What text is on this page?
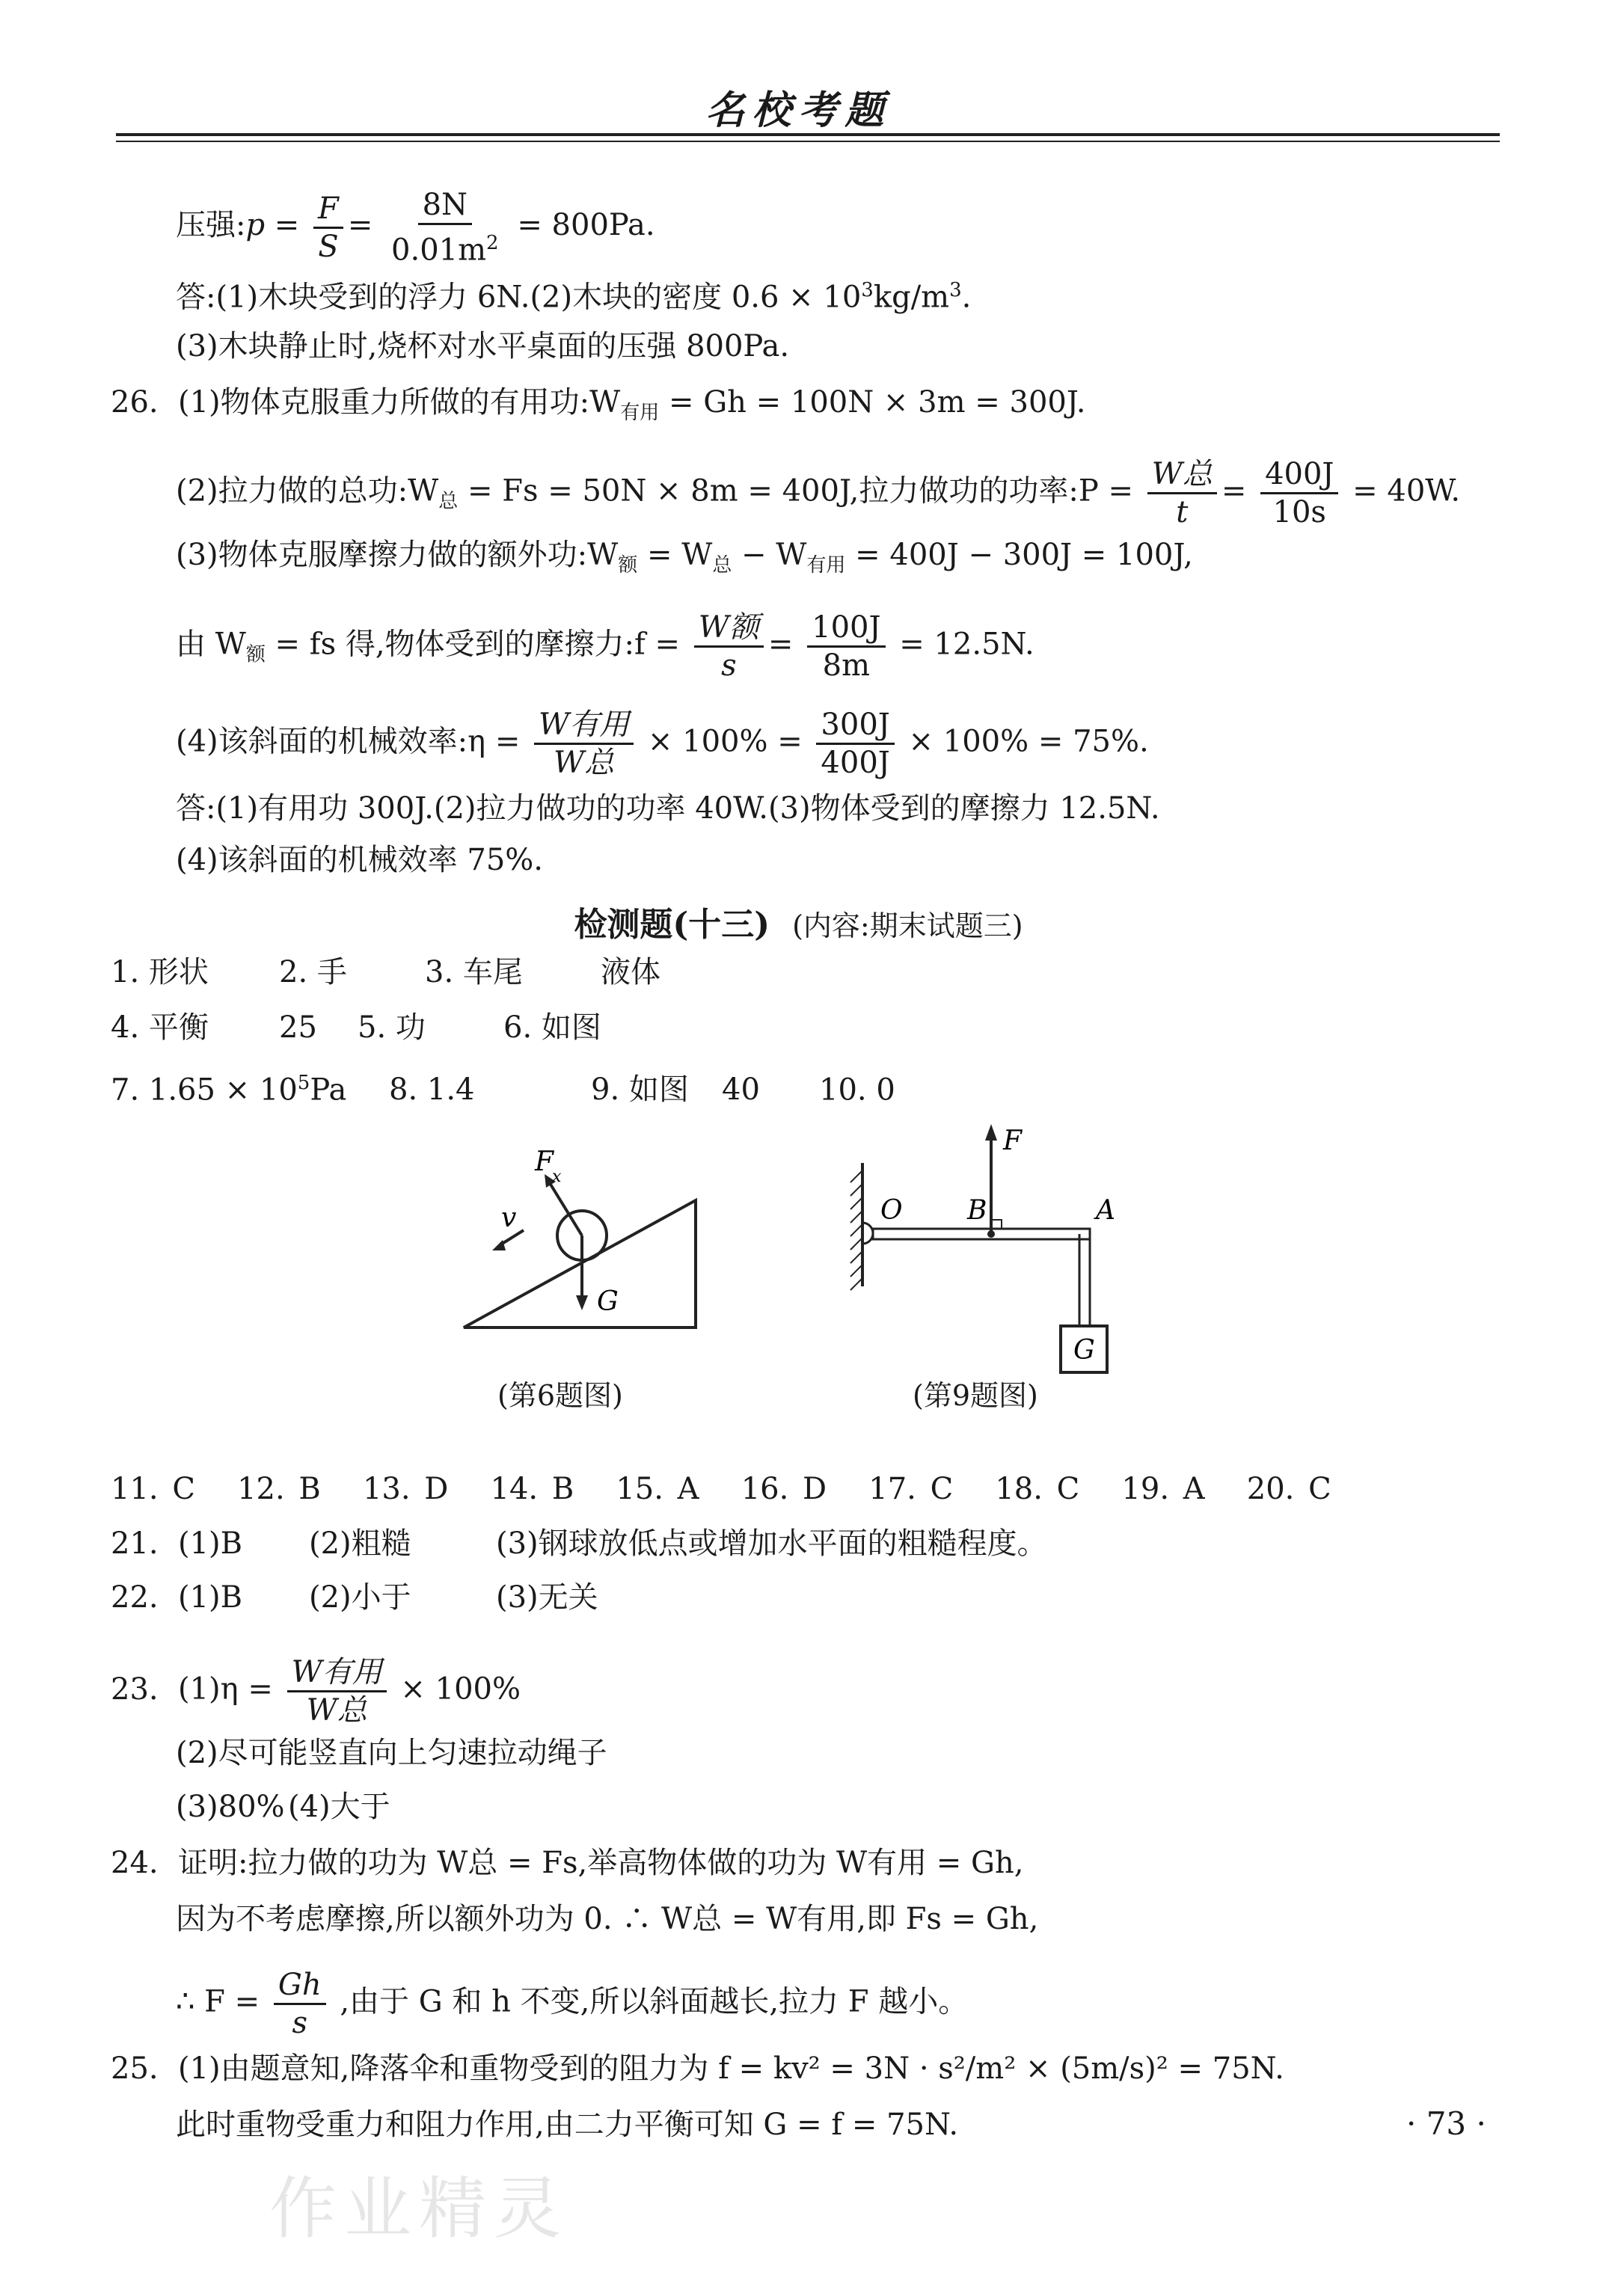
名校考题
压强:p = $\frac{F}{S} = \frac{8N}{0.01m^2} = 800Pa$.
答:(1)木块受到的浮力 6N.(2)木块的密度 $0.6 \times 10^3kg/m^3$.
(3)木块静止时,烧杯对水平桌面的压强 800Pa.
26. (1)物体克服重力所做的有用功$:W_{有用} = Gh = 100N \times 3m = 300J$.
(2)拉力做的总功$:W_总 = Fs = 50N \times 8m = 400J$,拉力做功的功率:P = $\frac{\text{W总}}{t} = \frac{400J}{10s} = 40W$.
(3)物体克服摩擦力做的额外功$:W_额 = W_总 - W_{有用} = 400J - 300J = 100J$,
由 $W_额$ = fs 得,物体受到的摩擦力:f = $\frac{\text{W额}}{s} = \frac{100J}{8m} = 12.5N$.
(4)该斜面的机械效率:η = $\frac{\text{W有用}}{\text{W总}} \times 100\% = \frac{300J}{400J} \times 100\% = 75\%$.
答:(1)有用功 300J.(2)拉力做功的功率 40W.(3)物体受到的摩擦力 12.5N.
(4)该斜面的机械效率 75%.
检测题(十三) (内容:期末试题三)
1. 形状 2. 手	3. 车尾	液体
4. 平衡 25 5. 功	6. 如图
7. $1.65 \times 10^5Pa$ 8. 1.4	9. 如图 40 10. 0
F
x
v
G
(第6题图)
F
O B	A
G
(第9题图)
11. C   12. B   13. D   14. B   15. A   16. D   17. C   18. C   19. A   20. C
21. (1)B (2)粗糙	(3)钢球放低点或增加水平面的粗糙程度。
22. (1)B (2)小于	(3)无关
23. $(1)\eta = \frac{\text{W有用}}{\text{W总}} \times 100\%$
(2)尽可能竖直向上匀速拉动绳子
(3)80% (4)大于
24. 证明:拉力做的功为 W总 = Fs,举高物体做的功为 W有用 = Gh,
因为不考虑摩擦,所以额外功为 0. ∴ W总 = W有用,即 Fs = Gh,
∴ $F = \frac{Gh}{s}$ ,由于 G 和 h 不变,所以斜面越长,拉力 F 越小。
25. (1)由题意知,降落伞和重物受到的阻力为 f = kv² = 3N · s²/m² × (5m/s)² = 75N.
此时重物受重力和阻力作用,由二力平衡可知 G = f = 75N.	· 73 ·
作业精灵
